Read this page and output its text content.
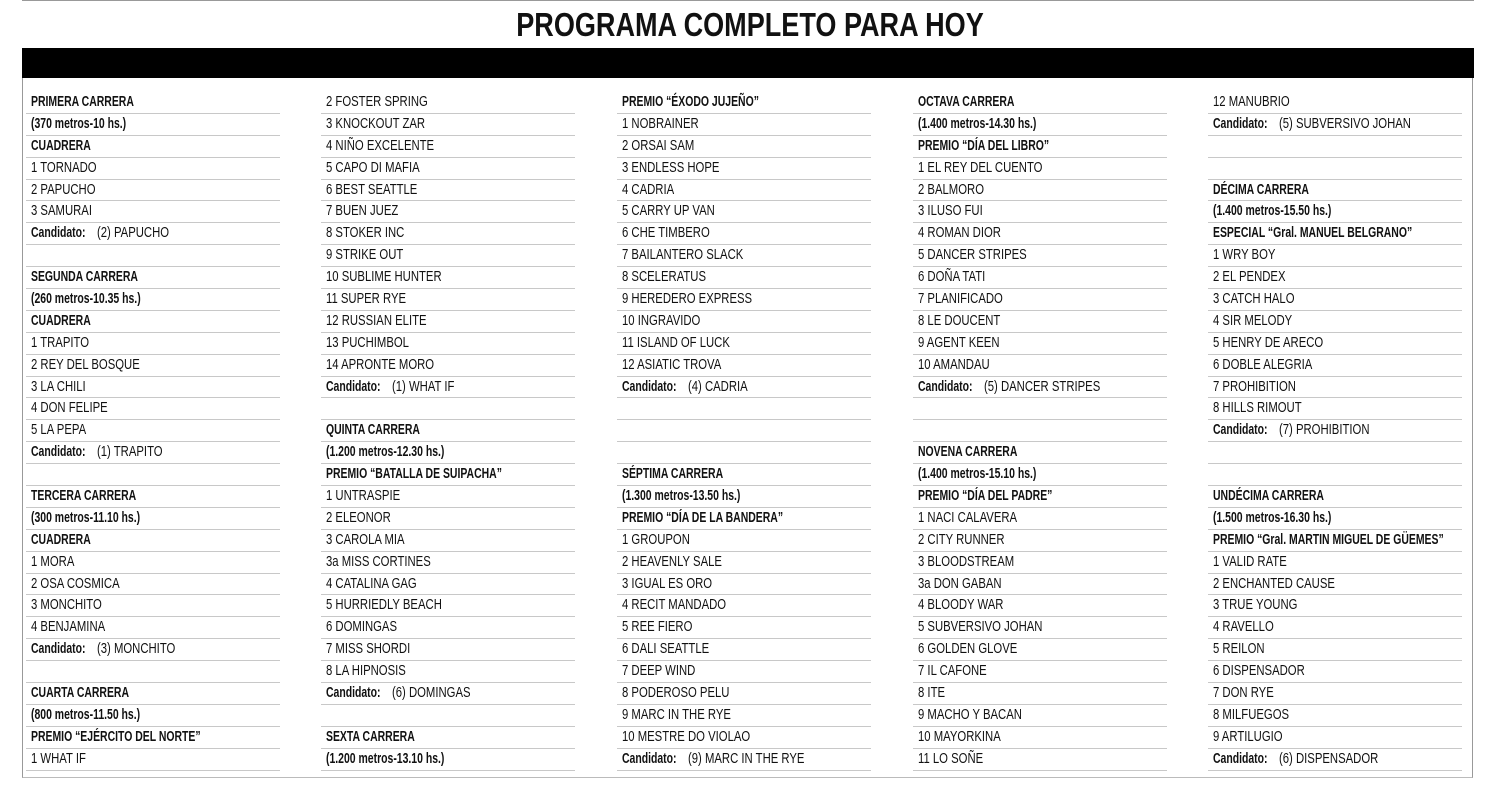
PROGRAMA COMPLETO PARA HOY
PRIMERA CARRERA
(370 metros-10 hs.)
CUADRERA
1 TORNADO
2 PAPUCHO
3 SAMURAI
Candidato: (2) PAPUCHO
SEGUNDA CARRERA
(260 metros-10.35 hs.)
CUADRERA
1 TRAPITO
2 REY DEL BOSQUE
3 LA CHILI
4 DON FELIPE
5 LA PEPA
Candidato: (1) TRAPITO
TERCERA CARRERA
(300 metros-11.10 hs.)
CUADRERA
1 MORA
2 OSA COSMICA
3 MONCHITO
4 BENJAMINA
Candidato: (3) MONCHITO
CUARTA CARRERA
(800 metros-11.50 hs.)
PREMIO “EJÉRCITO DEL NORTE”
1 WHAT IF
2 FOSTER SPRING
3 KNOCKOUT ZAR
4 NIÑO EXCELENTE
5 CAPO DI MAFIA
6 BEST SEATTLE
7 BUEN JUEZ
8 STOKER INC
9 STRIKE OUT
10 SUBLIME HUNTER
11 SUPER RYE
12 RUSSIAN ELITE
13 PUCHIMBOL
14 APRONTE MORO
Candidato: (1) WHAT IF
QUINTA CARRERA
(1.200 metros-12.30 hs.)
PREMIO “BATALLA DE SUIPACHA”
1 UNTRASPIE
2 ELEONOR
3 CAROLA MIA
3a MISS CORTINES
4 CATALINA GAG
5 HURRIEDLY BEACH
6 DOMINGAS
7 MISS SHORDI
8 LA HIPNOSIS
Candidato: (6) DOMINGAS
SEXTA CARRERA
(1.200 metros-13.10 hs.)
PREMIO “ÉXODO JUJEÑO”
1 NOBRAINER
2 ORSAI SAM
3 ENDLESS HOPE
4 CADRIA
5 CARRY UP VAN
6 CHE TIMBERO
7 BAILANTERO SLACK
8 SCELERATUS
9 HEREDERO EXPRESS
10 INGRAVIDO
11 ISLAND OF LUCK
12 ASIATIC TROVA
Candidato: (4) CADRIA
SÉPTIMA CARRERA
(1.300 metros-13.50 hs.)
PREMIO “DÍA DE LA BANDERA”
1 GROUPON
2 HEAVENLY SALE
3 IGUAL ES ORO
4 RECIT MANDADO
5 REE FIERO
6 DALI SEATTLE
7 DEEP WIND
8 PODEROSO PELU
9 MARC IN THE RYE
10 MESTRE DO VIOLAO
Candidato: (9) MARC IN THE RYE
OCTAVA CARRERA
(1.400 metros-14.30 hs.)
PREMIO “DÍA DEL LIBRO”
1 EL REY DEL CUENTO
2 BALMORO
3 ILUSO FUI
4 ROMAN DIOR
5 DANCER STRIPES
6 DOÑA TATI
7 PLANIFICADO
8 LE DOUCENT
9 AGENT KEEN
10 AMANDAU
Candidato: (5) DANCER STRIPES
NOVENA CARRERA
(1.400 metros-15.10 hs.)
PREMIO “DÍA DEL PADRE”
1 NACI CALAVERA
2 CITY RUNNER
3 BLOODSTREAM
3a DON GABAN
4 BLOODY WAR
5 SUBVERSIVO JOHAN
6 GOLDEN GLOVE
7 IL CAFONE
8 ITE
9 MACHO Y BACAN
10 MAYORKINA
11 LO SOÑE
12 MANUBRIO
Candidato: (5) SUBVERSIVO JOHAN
DÉCIMA CARRERA
(1.400 metros-15.50 hs.)
ESPECIAL “Gral. MANUEL BELGRANO”
1 WRY BOY
2 EL PENDEX
3 CATCH HALO
4 SIR MELODY
5 HENRY DE ARECO
6 DOBLE ALEGRIA
7 PROHIBITION
8 HILLS RIMOUT
Candidato: (7) PROHIBITION
UNDÉCIMA CARRERA
(1.500 metros-16.30 hs.)
PREMIO “Gral. MARTIN MIGUEL DE GÜEMES”
1 VALID RATE
2 ENCHANTED CAUSE
3 TRUE YOUNG
4 RAVELLO
5 REILON
6 DISPENSADOR
7 DON RYE
8 MILFUEGOS
9 ARTILUGIO
Candidato: (6) DISPENSADOR
